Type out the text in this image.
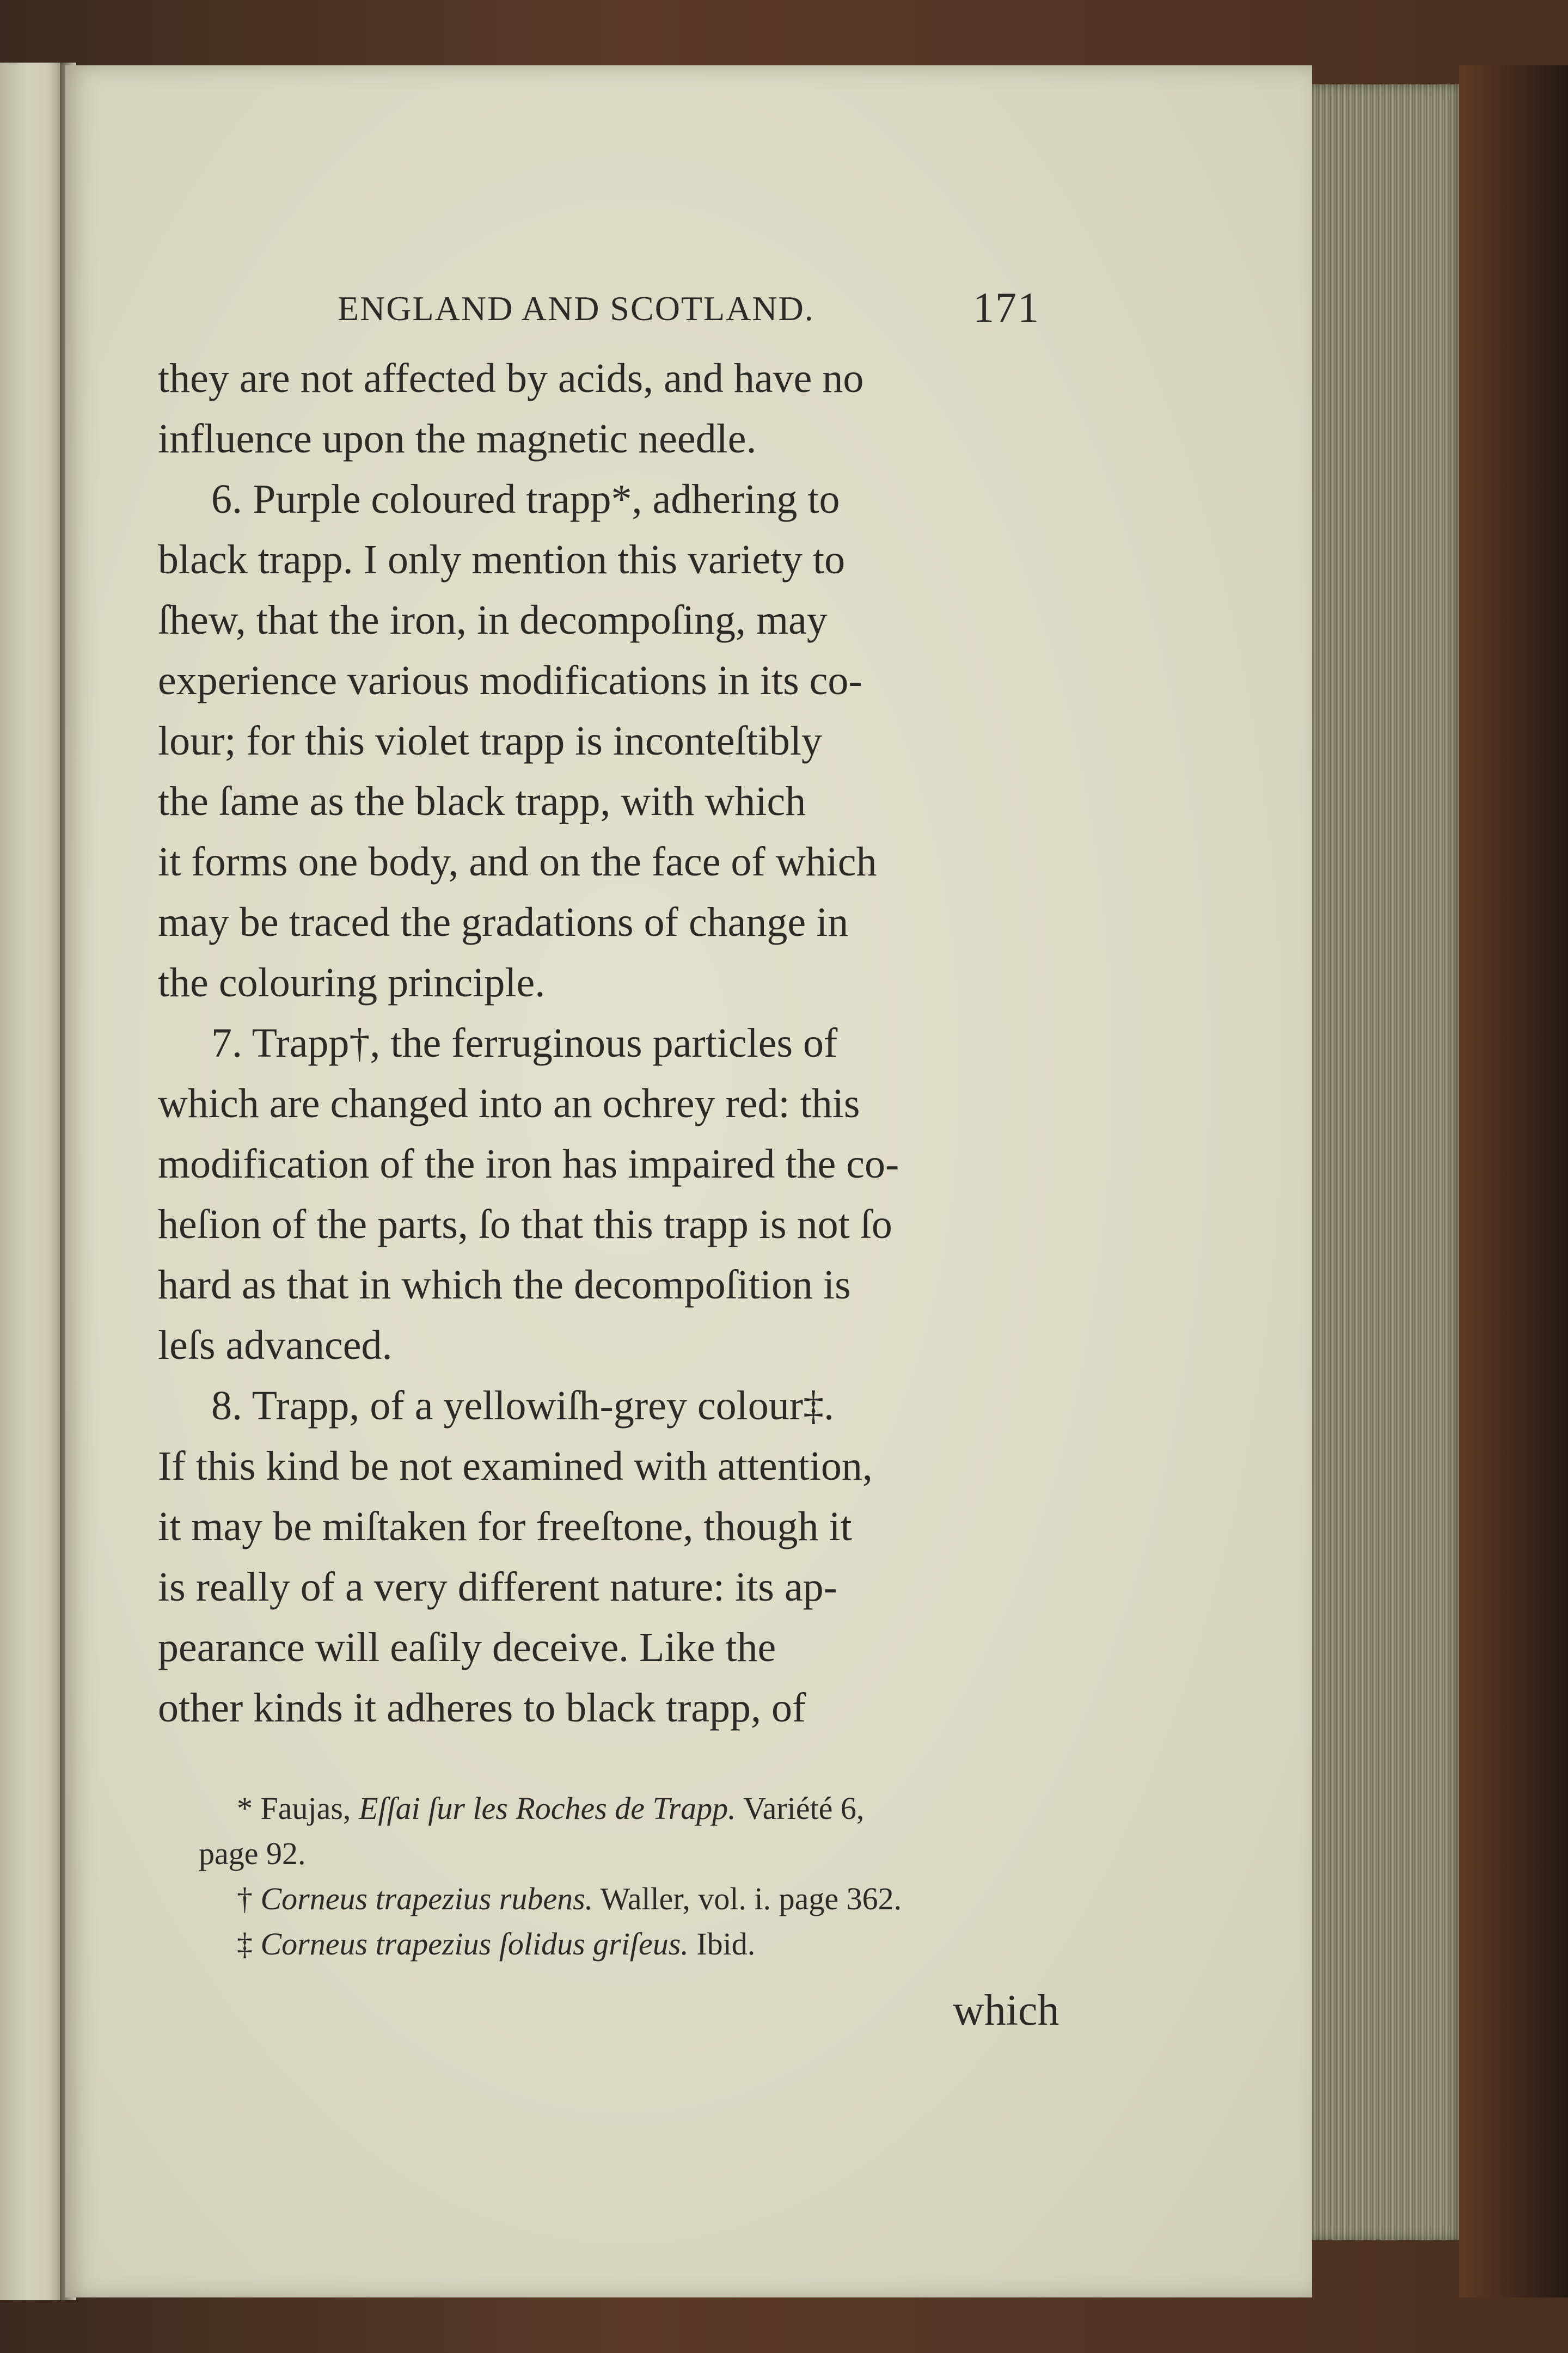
ENGLAND AND SCOTLAND.	171
they are not affected by acids, and have no
influence upon the magnetic needle.
6. Purple coloured trapp*, adhering to
black trapp. I only mention this variety to
ſhew, that the iron, in decompoſing, may
experience various modifications in its co-
lour; for this violet trapp is inconteſtibly
the ſame as the black trapp, with which
it forms one body, and on the face of which
may be traced the gradations of change in
the colouring principle.
7. Trapp†, the ferruginous particles of
which are changed into an ochrey red: this
modification of the iron has impaired the co-
heſion of the parts, ſo that this trapp is not ſo
hard as that in which the decompoſition is
leſs advanced.
8. Trapp, of a yellowiſh-grey colour‡.
If this kind be not examined with attention,
it may be miſtaken for freeſtone, though it
is really of a very different nature: its ap-
pearance will eaſily deceive. Like the
other kinds it adheres to black trapp, of
* Faujas, Eſſai ſur les Roches de Trapp. Variété 6,
page 92.
† Corneus trapezius rubens. Waller, vol. i. page 362.
‡ Corneus trapezius ſolidus griſeus. Ibid.
which
